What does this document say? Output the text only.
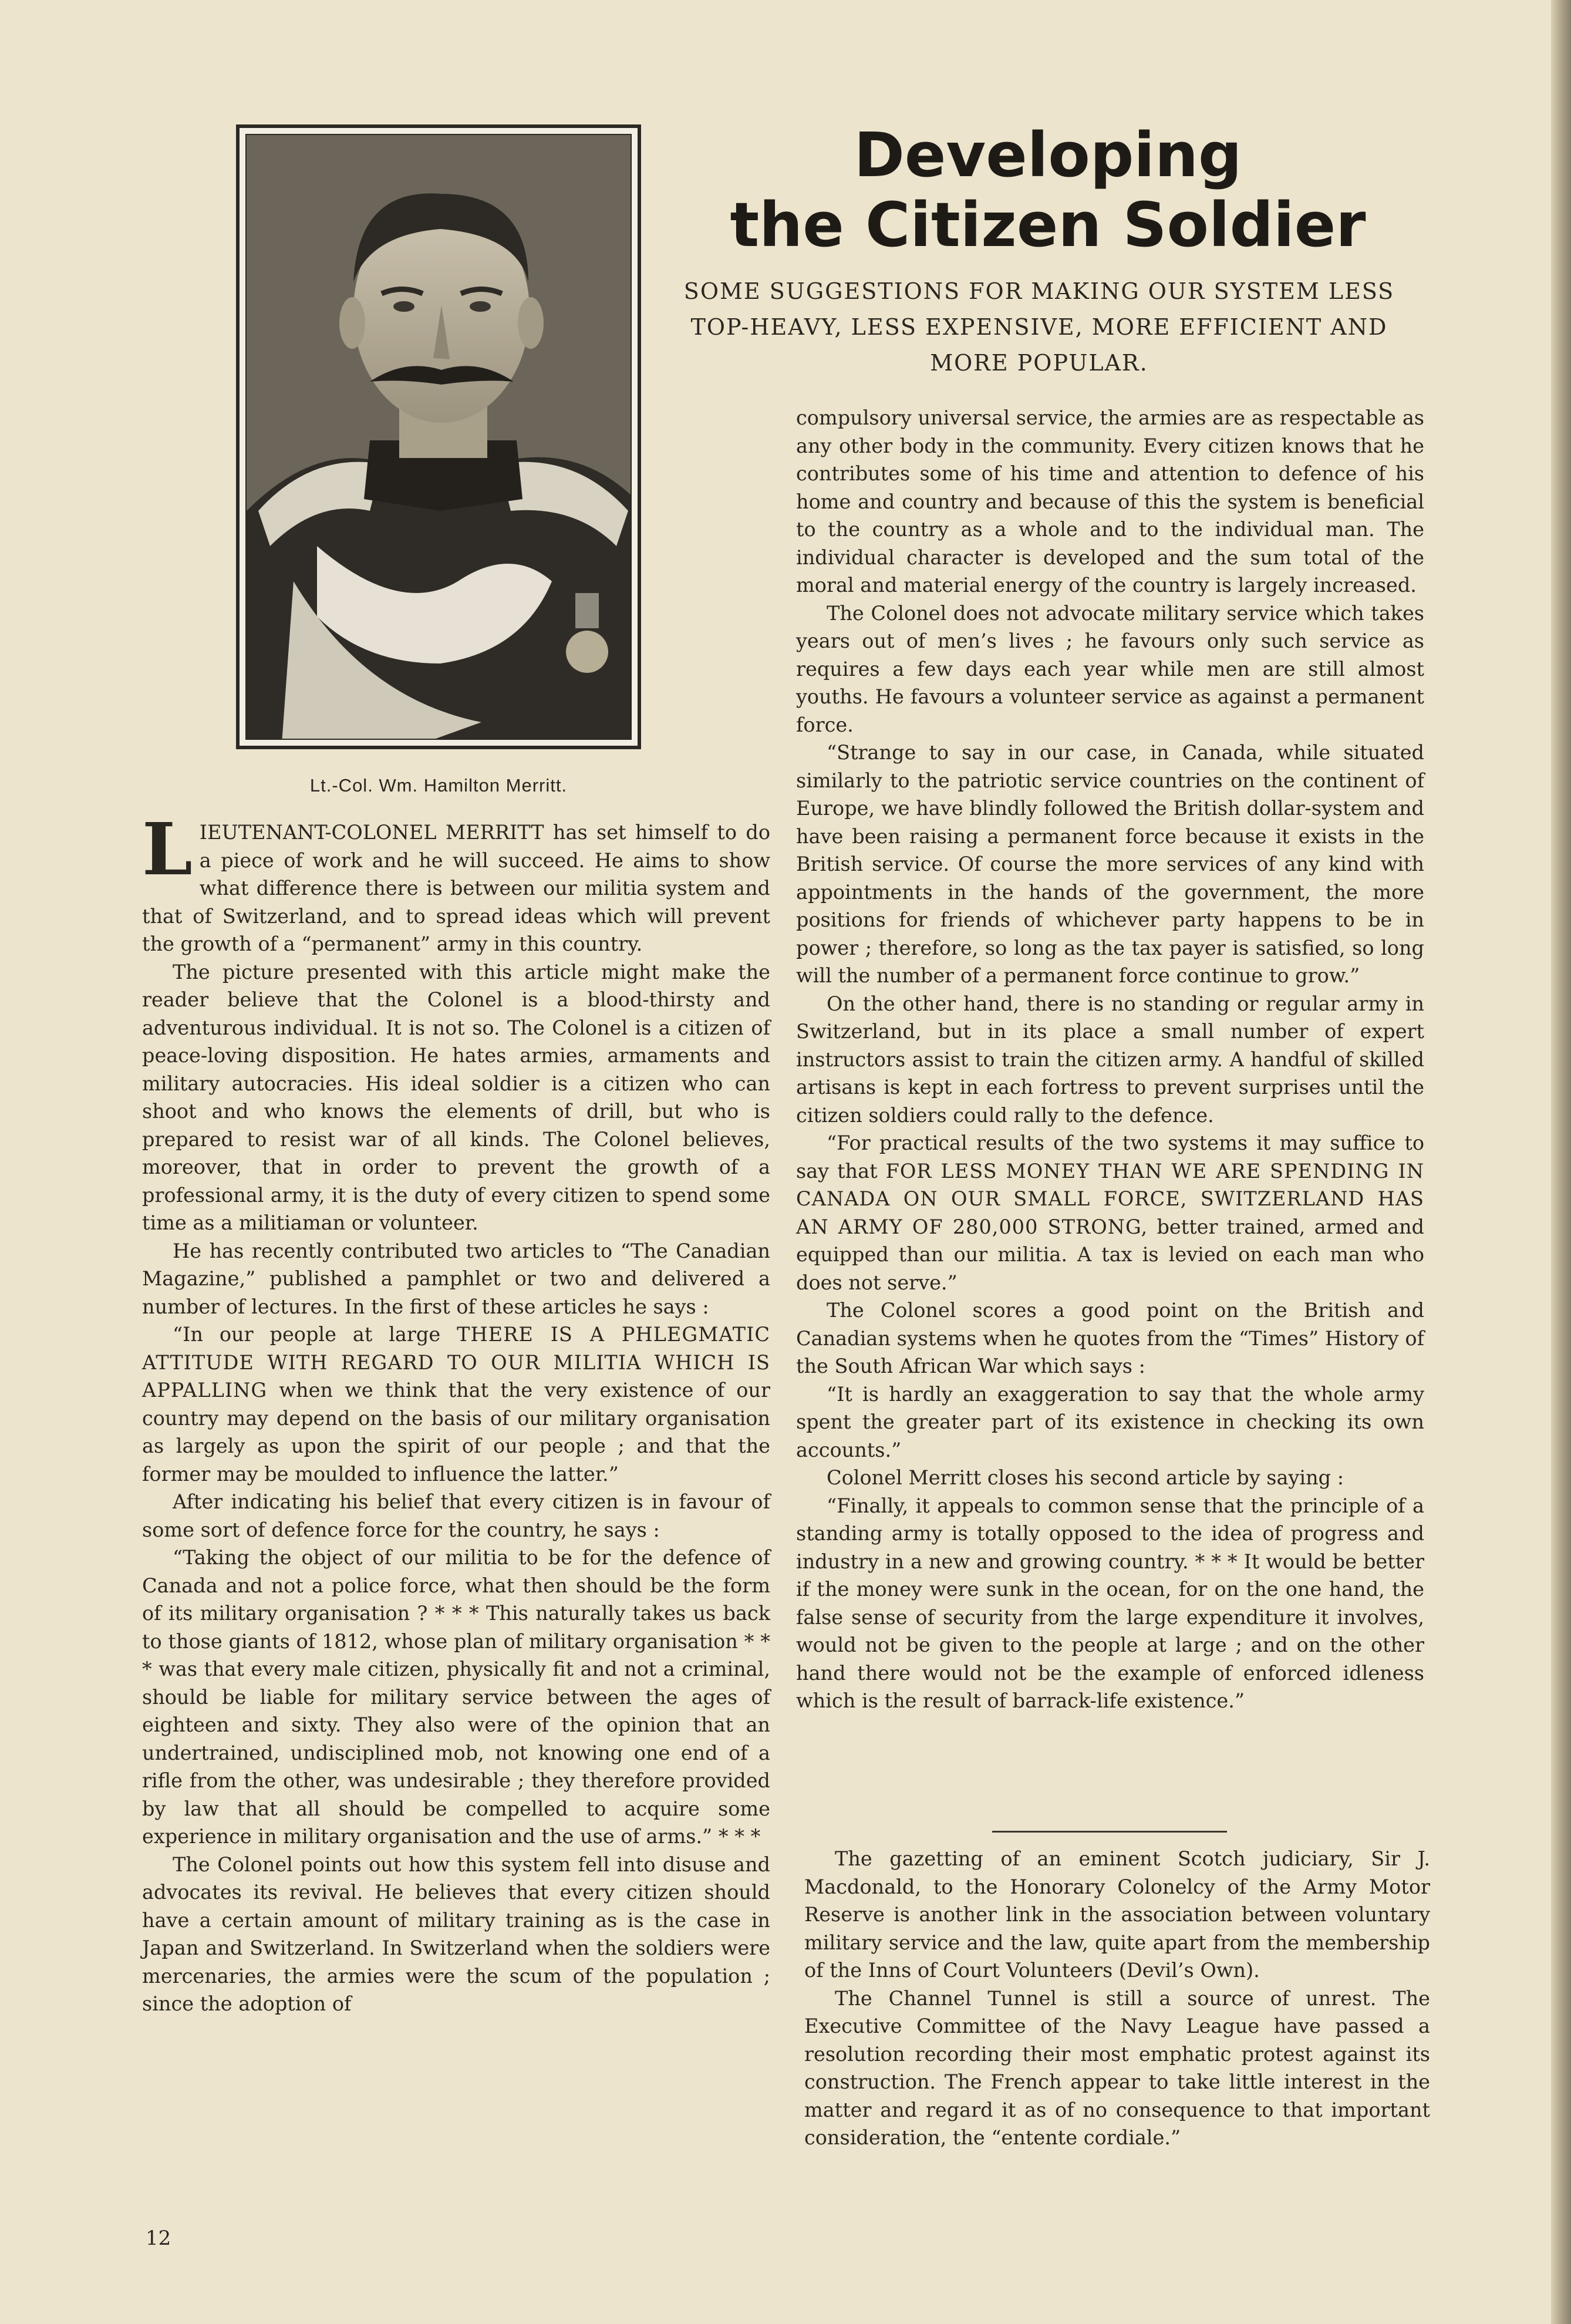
Lt.-Col. Wm. Hamilton Merritt.
Developing
the Citizen Soldier
SOME SUGGESTIONS FOR MAKING OUR SYSTEM LESS TOP-HEAVY, LESS EXPENSIVE, MORE EFFICIENT AND MORE POPULAR.

LIEUTENANT-COLONEL MERRITT has set himself to do a piece of work and he will succeed. He aims to show what difference there is between our militia system and that of Switzerland, and to spread ideas which will prevent the growth of a “permanent” army in this country.

The picture presented with this article might make the reader believe that the Colonel is a blood-thirsty and adventurous individual. It is not so. The Colonel is a citizen of peace-loving disposition. He hates armies, armaments and military autocracies. His ideal soldier is a citizen who can shoot and who knows the elements of drill, but who is prepared to resist war of all kinds. The Colonel believes, moreover, that in order to prevent the growth of a professional army, it is the duty of every citizen to spend some time as a militiaman or volunteer.

He has recently contributed two articles to “The Canadian Magazine,” published a pamphlet or two and delivered a number of lectures. In the first of these articles he says :

“In our people at large THERE IS A PHLEGMATIC ATTITUDE WITH REGARD TO OUR MILITIA WHICH IS APPALLING when we think that the very existence of our country may depend on the basis of our military organisation as largely as upon the spirit of our people ; and that the former may be moulded to influence the latter.”

After indicating his belief that every citizen is in favour of some sort of defence force for the country, he says :

“Taking the object of our militia to be for the defence of Canada and not a police force, what then should be the form of its military organisation ? * * * This naturally takes us back to those giants of 1812, whose plan of military organisation * * * was that every male citizen, physically fit and not a criminal, should be liable for military service between the ages of eighteen and sixty. They also were of the opinion that an undertrained, undisciplined mob, not knowing one end of a rifle from the other, was undesirable ; they therefore provided by law that all should be compelled to acquire some experience in military organisation and the use of arms.” * * *

The Colonel points out how this system fell into disuse and advocates its revival. He believes that every citizen should have a certain amount of military training as is the case in Japan and Switzerland. In Switzerland when the soldiers were mercenaries, the armies were the scum of the population ; since the adoption of

compulsory universal service, the armies are as respectable as any other body in the community. Every citizen knows that he contributes some of his time and attention to defence of his home and country and because of this the system is beneficial to the country as a whole and to the individual man. The individual character is developed and the sum total of the moral and material energy of the country is largely increased.

The Colonel does not advocate military service which takes years out of men’s lives ; he favours only such service as requires a few days each year while men are still almost youths. He favours a volunteer service as against a permanent force.

“Strange to say in our case, in Canada, while situated similarly to the patriotic service countries on the continent of Europe, we have blindly followed the British dollar-system and have been raising a permanent force because it exists in the British service. Of course the more services of any kind with appointments in the hands of the government, the more positions for friends of whichever party happens to be in power ; therefore, so long as the tax payer is satisfied, so long will the number of a permanent force continue to grow.”

On the other hand, there is no standing or regular army in Switzerland, but in its place a small number of expert instructors assist to train the citizen army. A handful of skilled artisans is kept in each fortress to prevent surprises until the citizen soldiers could rally to the defence.

“For practical results of the two systems it may suffice to say that FOR LESS MONEY THAN WE ARE SPENDING IN CANADA ON OUR SMALL FORCE, SWITZERLAND HAS AN ARMY OF 280,000 STRONG, better trained, armed and equipped than our militia. A tax is levied on each man who does not serve.”

The Colonel scores a good point on the British and Canadian systems when he quotes from the “Times” History of the South African War which says :

“It is hardly an exaggeration to say that the whole army spent the greater part of its existence in checking its own accounts.”

Colonel Merritt closes his second article by saying :

“Finally, it appeals to common sense that the principle of a standing army is totally opposed to the idea of progress and industry in a new and growing country. * * * It would be better if the money were sunk in the ocean, for on the one hand, the false sense of security from the large expenditure it involves, would not be given to the people at large ; and on the other hand there would not be the example of enforced idleness which is the result of barrack-life existence.”

The gazetting of an eminent Scotch judiciary, Sir J. Macdonald, to the Honorary Colonelcy of the Army Motor Reserve is another link in the association between voluntary military service and the law, quite apart from the membership of the Inns of Court Volunteers (Devil’s Own).

The Channel Tunnel is still a source of unrest. The Executive Committee of the Navy League have passed a resolution recording their most emphatic protest against its construction. The French appear to take little interest in the matter and regard it as of no consequence to that important consideration, the “entente cordiale.”

12
